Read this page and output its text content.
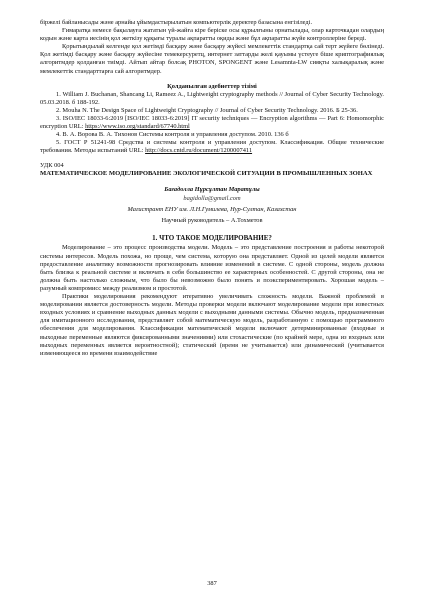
біржелі байланысады және арнайы ұйымдастырылатын компьютерлік деректер базасына енгізіледі.

Ғимаратқа немесе бақылауға жататын үй-жайға кіре беріске осы құрылғыны орнатылады, олар карточкадан олардың кодын және карта иесінің қол жеткізу құқығы туралы ақпаратты оқиды және бұл ақпаратты жүйе контроллеріне береді.

Қорытындылай келгенде қол жетімді басқару және басқару жүйесі мемлекеттік стандартқа сай терт жүйеге бөлінеді. Қол жетімді басқару және басқару жүйесіне темекерсуретц, интернет заттарды желі қауымы үстеуге біше криптографиялық алгоритмдер қолданған тиімді. Айтып айтар болсақ PHOTON, SPONGENT және Lesamnta-LW сияқты халықаралық және мемлекеттік стандарттарға сай алгоритмдер.

Қолданылған әдебиеттер тізімі

1. William J. Buchanan, Shancang Li, Rameez A., Lightweight cryptography methods // Journal of Cyber Security Technology. 05.03.2018. б 188-192.

2. Mouha N. The Design Space of Lightweight Cryptography // Journal of Cyber Security Technology. 2016. Б 25-36.

3. ISO/IEC 18033-6:2019 [ISO/IEC 18033-6:2019] IT security techniques — Encryption algorithms — Part 6: Homomorphic encryption URL: https://www.iso.org/standard/67740.html

4. В. А. Ворова В. А. Тихонов Системы контроля и управления доступом. 2010. 136 б

5. ГОСТ Р 51241-98 Средства и системы контроля и управления доступом. Классификация. Общие технические требования. Методы испытаний URL: http://docs.cntd.ru/document/1200007411

УДК 004

МАТЕМАТИЧЕСКОЕ МОДЕЛИРОВАНИЕ ЭКОЛОГИЧЕСКОЙ СИТУАЦИИ В ПРОМЫШЛЕННЫХ ЗОНАХ

Бағадолла Нұрсұлтан Маратұлы

bagidolla@gmail.com

Магистрант ЕНУ им. Л.Н.Гумилева, Нур-Султан, Казахстан

Научный руководитель – А.Тохметов

1. ЧТО ТАКОЕ МОДЕЛИРОВАНИЕ?

Моделирование – это процесс производства модели. Модель – это представление построения и работы некоторой системы интересов. Модель похожа, но проще, чем система, которую она представляет. Одной из целей модели является предоставление аналитику возможности прогнозировать влияние изменений в системе. С одной стороны, модель должна быть близка к реальной системе и включать в себя большинство ее характерных особенностей. С другой стороны, она не должна быть настолько сложным, что было бы невозможно было понять и поэкспериментировать. Хорошая модель – разумный компромисс между реализмом и простотой.

Практики моделирования рекомендуют итеративно увеличивать сложность модели. Важной проблемой в моделировании является достоверность модели. Методы проверки модели включают моделирование модели при известных входных условиях и сравнение выходных данных модели с выходными данными системы. Обычно модель, предназначенная для имитационного исследования, представляет собой математическую модель, разработанную с помощью программного обеспечения для моделирования. Классификации математической модели включают детерминированные (входные и выходные переменные являются фиксированными значениями) или стохастические (по крайней мере, одна из входных или выходных переменных является вероятностной); статический (время не учитывается) или динамический (учитывается изменяющееся во времени взаимодействие

387
